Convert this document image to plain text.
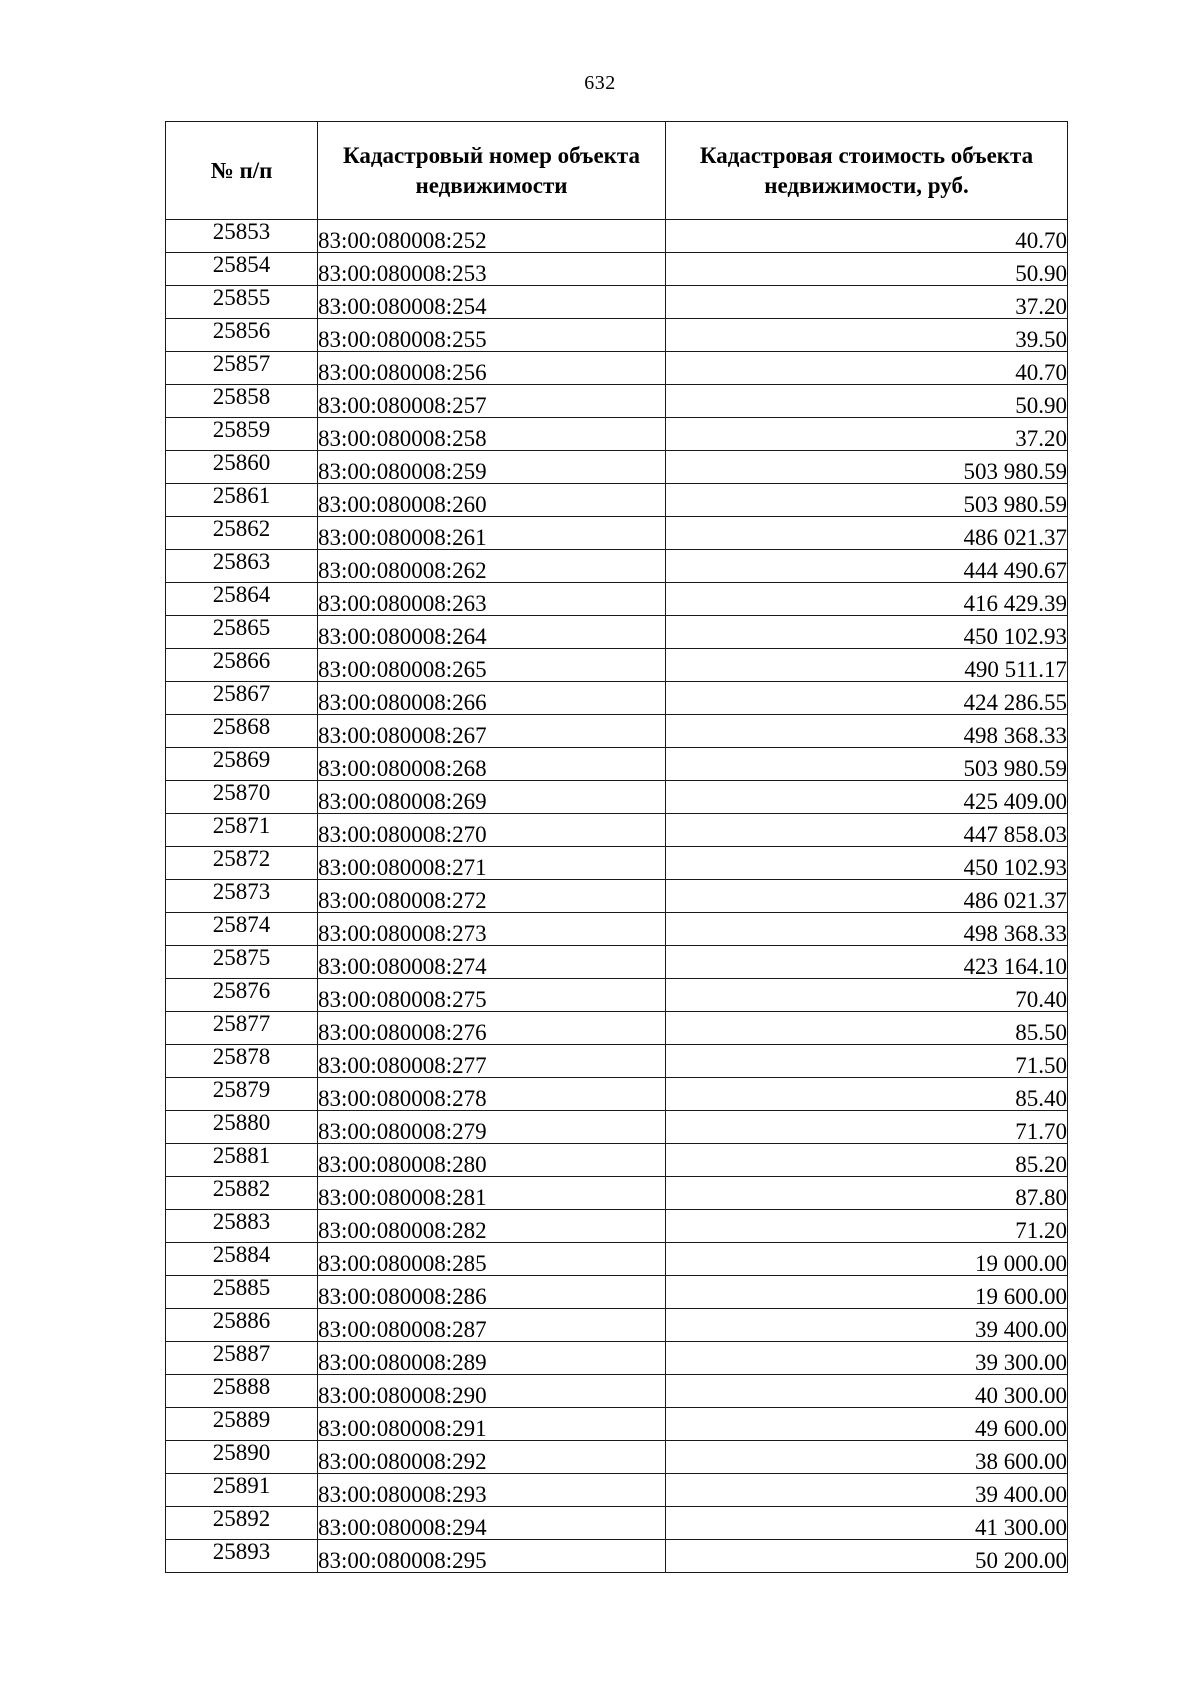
632
№ п/п	Кадастровый номер объекта недвижимости	Кадастровая стоимость объекта недвижимости, руб.
25853	83:00:080008:252	40.70
25854	83:00:080008:253	50.90
25855	83:00:080008:254	37.20
25856	83:00:080008:255	39.50
25857	83:00:080008:256	40.70
25858	83:00:080008:257	50.90
25859	83:00:080008:258	37.20
25860	83:00:080008:259	503 980.59
25861	83:00:080008:260	503 980.59
25862	83:00:080008:261	486 021.37
25863	83:00:080008:262	444 490.67
25864	83:00:080008:263	416 429.39
25865	83:00:080008:264	450 102.93
25866	83:00:080008:265	490 511.17
25867	83:00:080008:266	424 286.55
25868	83:00:080008:267	498 368.33
25869	83:00:080008:268	503 980.59
25870	83:00:080008:269	425 409.00
25871	83:00:080008:270	447 858.03
25872	83:00:080008:271	450 102.93
25873	83:00:080008:272	486 021.37
25874	83:00:080008:273	498 368.33
25875	83:00:080008:274	423 164.10
25876	83:00:080008:275	70.40
25877	83:00:080008:276	85.50
25878	83:00:080008:277	71.50
25879	83:00:080008:278	85.40
25880	83:00:080008:279	71.70
25881	83:00:080008:280	85.20
25882	83:00:080008:281	87.80
25883	83:00:080008:282	71.20
25884	83:00:080008:285	19 000.00
25885	83:00:080008:286	19 600.00
25886	83:00:080008:287	39 400.00
25887	83:00:080008:289	39 300.00
25888	83:00:080008:290	40 300.00
25889	83:00:080008:291	49 600.00
25890	83:00:080008:292	38 600.00
25891	83:00:080008:293	39 400.00
25892	83:00:080008:294	41 300.00
25893	83:00:080008:295	50 200.00
